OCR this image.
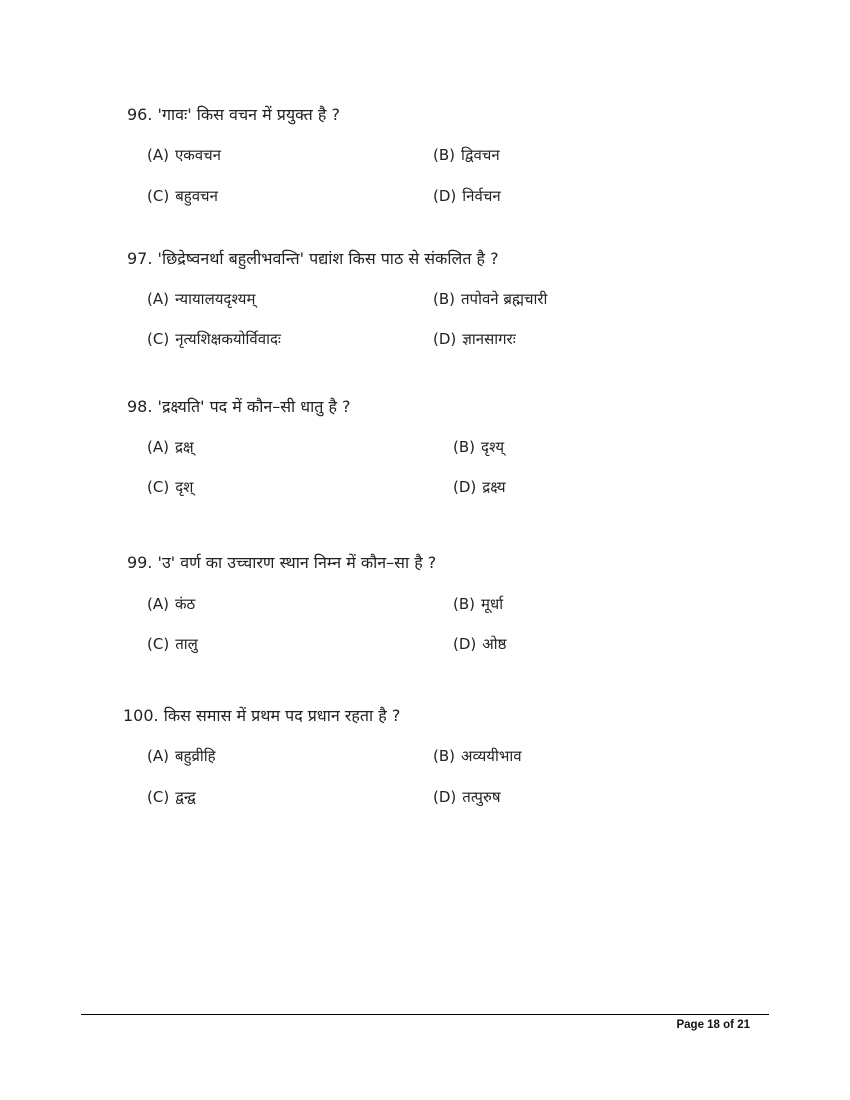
96. 'गावः' किस वचन में प्रयुक्त है ?
(A) एकवचन	(B) द्विवचन
(C) बहुवचन	(D) निर्वचन
97. 'छिद्रेष्वनर्था बहुलीभवन्ति' पद्यांश किस पाठ से संकलित है ?
(A) न्यायालयदृश्यम्	(B) तपोवने ब्रह्मचारी
(C) नृत्यशिक्षकयोर्विवादः	(D) ज्ञानसागरः
98. 'द्रक्ष्यति' पद में कौन–सी धातु है ?
(A) द्रक्ष्	(B) दृश्य्
(C) दृश्	(D) द्रक्ष्य
99. 'उ' वर्ण का उच्चारण स्थान निम्न में कौन–सा है ?
(A) कंठ	(B) मूर्धा
(C) तालु	(D) ओष्ठ
100. किस समास में प्रथम पद प्रधान रहता है ?
(A) बहुव्रीहि	(B) अव्ययीभाव
(C) द्वन्द्व	(D) तत्पुरुष
Page 18 of 21
